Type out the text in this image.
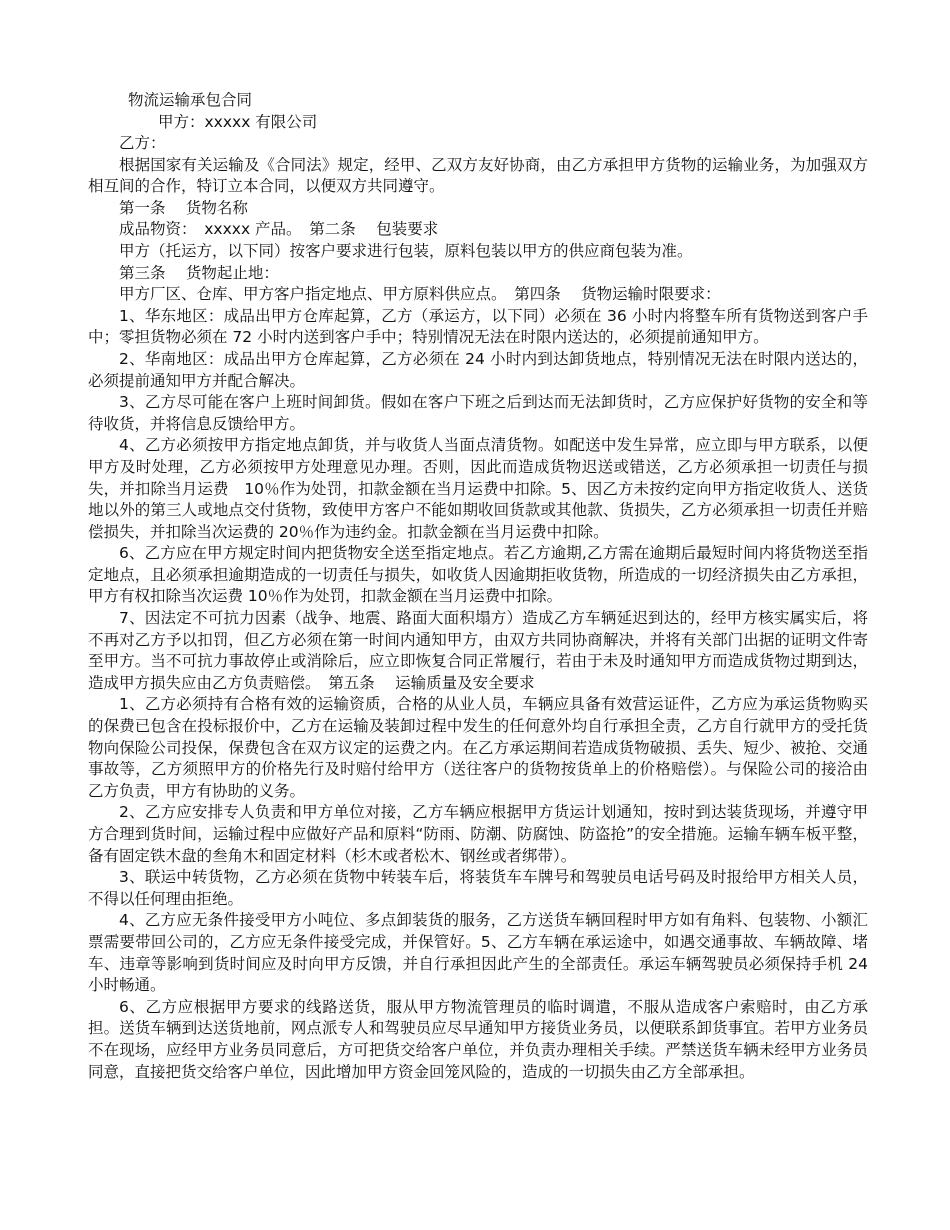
物流运输承包合同
甲方：xxxxx 有限公司

乙方：

根据国家有关运输及《合同法》规定，经甲、乙双方友好协商，由乙方承担甲方货物的运输业务，为加强双方相互间的合作，特订立本合同，以便双方共同遵守。

第一条　 货物名称

成品物资：　xxxxx 产品。　第二条　 包装要求

甲方（托运方，以下同）按客户要求进行包装，原料包装以甲方的供应商包装为准。

第三条　 货物起止地：

甲方厂区、仓库、甲方客户指定地点、甲方原料供应点。　第四条　 货物运输时限要求：

1、华东地区：成品出甲方仓库起算，乙方（承运方，以下同）必须在 36 小时内将整车所有货物送到客户手中；零担货物必须在 72 小时内送到客户手中；特别情况无法在时限内送达的，必须提前通知甲方。

2、华南地区：成品出甲方仓库起算，乙方必须在 24 小时内到达卸货地点，特别情况无法在时限内送达的，必须提前通知甲方并配合解决。

3、乙方尽可能在客户上班时间卸货。假如在客户下班之后到达而无法卸货时，乙方应保护好货物的安全和等待收货，并将信息反馈给甲方。

4、乙方必须按甲方指定地点卸货，并与收货人当面点清货物。如配送中发生异常，应立即与甲方联系，以便甲方及时处理，乙方必须按甲方处理意见办理。否则，因此而造成货物迟送或错送，乙方必须承担一切责任与损失，并扣除当月运费　10％作为处罚，扣款金额在当月运费中扣除。5、因乙方未按约定向甲方指定收货人、送货地以外的第三人或地点交付货物，致使甲方客户不能如期收回货款或其他款、货损失，乙方必须承担一切责任并赔偿损失，并扣除当次运费的 20％作为违约金。扣款金额在当月运费中扣除。

6、乙方应在甲方规定时间内把货物安全送至指定地点。若乙方逾期,乙方需在逾期后最短时间内将货物送至指定地点，且必须承担逾期造成的一切责任与损失，如收货人因逾期拒收货物，所造成的一切经济损失由乙方承担，甲方有权扣除当次运费 10％作为处罚，扣款金额在当月运费中扣除。

7、因法定不可抗力因素（战争、地震、路面大面积塌方）造成乙方车辆延迟到达的，经甲方核实属实后，将不再对乙方予以扣罚，但乙方必须在第一时间内通知甲方，由双方共同协商解决，并将有关部门出据的证明文件寄至甲方。当不可抗力事故停止或消除后，应立即恢复合同正常履行，若由于未及时通知甲方而造成货物过期到达，造成甲方损失应由乙方负责赔偿。　第五条　 运输质量及安全要求

1、乙方必须持有合格有效的运输资质，合格的从业人员，车辆应具备有效营运证件，乙方应为承运货物购买的保费已包含在投标报价中，乙方在运输及装卸过程中发生的任何意外均自行承担全责，乙方自行就甲方的受托货物向保险公司投保，保费包含在双方议定的运费之内。在乙方承运期间若造成货物破损、丢失、短少、被抢、交通事故等，乙方须照甲方的价格先行及时赔付给甲方（送往客户的货物按货单上的价格赔偿）。与保险公司的接洽由乙方负责，甲方有协助的义务。

2、乙方应安排专人负责和甲方单位对接，乙方车辆应根据甲方货运计划通知，按时到达装货现场，并遵守甲方合理到货时间，运输过程中应做好产品和原料“防雨、防潮、防腐蚀、防盗抢”的安全措施。运输车辆车板平整，备有固定铁木盘的叁角木和固定材料（杉木或者松木、钢丝或者绑带）。

3、联运中转货物，乙方必须在货物中转装车后，将装货车车牌号和驾驶员电话号码及时报给甲方相关人员，不得以任何理由拒绝。

4、乙方应无条件接受甲方小吨位、多点卸装货的服务，乙方送货车辆回程时甲方如有角料、包装物、小额汇票需要带回公司的，乙方应无条件接受完成，并保管好。5、乙方车辆在承运途中，如遇交通事故、车辆故障、堵车、违章等影响到货时间应及时向甲方反馈，并自行承担因此产生的全部责任。承运车辆驾驶员必须保持手机 24 小时畅通。

6、乙方应根据甲方要求的线路送货，服从甲方物流管理员的临时调遣，不服从造成客户索赔时，由乙方承担。送货车辆到达送货地前，网点派专人和驾驶员应尽早通知甲方接货业务员，以便联系卸货事宜。若甲方业务员不在现场，应经甲方业务员同意后，方可把货交给客户单位，并负责办理相关手续。严禁送货车辆未经甲方业务员同意，直接把货交给客户单位，因此增加甲方资金回笼风险的，造成的一切损失由乙方全部承担。
